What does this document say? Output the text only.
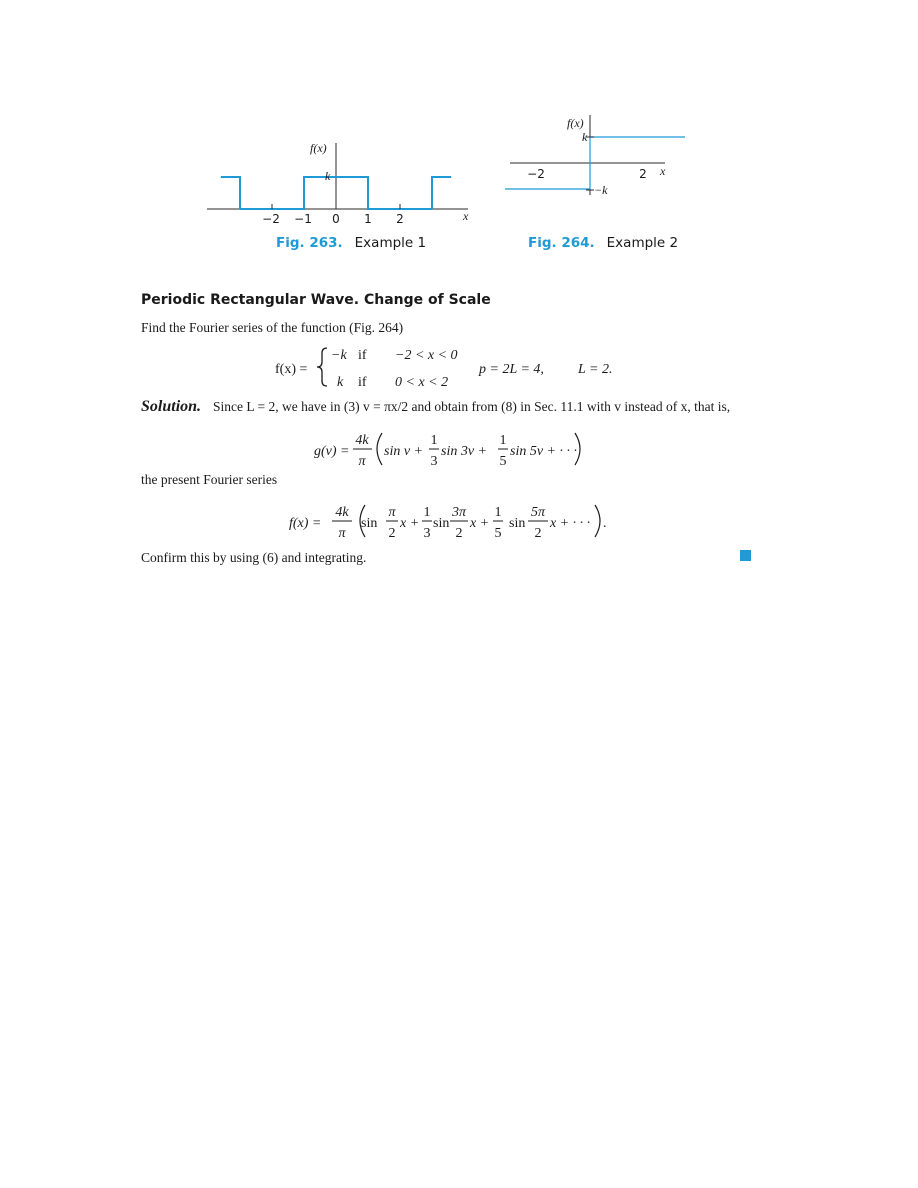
−2 −1 0 1 2	x
f(x)
k
Fig. 263. Example 1
−2	2 x
f(x)
k
−k
Fig. 264. Example 2
Periodic Rectangular Wave. Change of Scale
Find the Fourier series of the function (Fig. 264)
f(x) =
−k if −2 < x < 0
k if 0 < x < 2
p = 2L = 4, L = 2.
Solution. Since L = 2, we have in (3) v = πx/2 and obtain from (8) in Sec. 11.1 with v instead of x, that is,
g(v) =
4k
π
sin v +
1
3
sin 3v +
1
5
sin 5v + · · ·
the present Fourier series
f(x) =
4k
π
sin
π
2
x +
1
3
sin
3π
2
x +
1
5
sin
5π
2
x + · · · .
Confirm this by using (6) and integrating.
